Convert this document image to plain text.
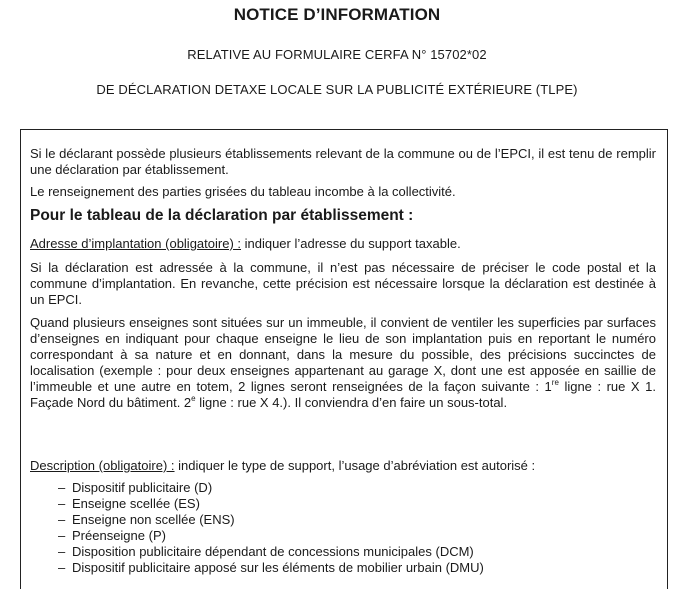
NOTICE D’INFORMATION
RELATIVE AU FORMULAIRE CERFA N° 15702*02
DE DÉCLARATION DETAXE LOCALE SUR LA PUBLICITÉ EXTÉRIEURE (TLPE)
Si le déclarant possède plusieurs établissements relevant de la commune ou de l’EPCI, il est tenu de remplir une déclaration par établissement.
Le renseignement des parties grisées du tableau incombe à la collectivité.
Pour le tableau de la déclaration par établissement :
Adresse d’implantation (obligatoire) : indiquer l’adresse du support taxable.
Si la déclaration est adressée à la commune, il n’est pas nécessaire de préciser le code postal et la commune d’implantation. En revanche, cette précision est nécessaire lorsque la déclaration est destinée à un EPCI.
Quand plusieurs enseignes sont situées sur un immeuble, il convient de ventiler les superficies par surfaces d’enseignes en indiquant pour chaque enseigne le lieu de son implantation puis en reportant le numéro correspondant à sa nature et en donnant, dans la mesure du possible, des précisions succinctes de localisation (exemple : pour deux enseignes appartenant au garage X, dont une est apposée en saillie de l’immeuble et une autre en totem, 2 lignes seront renseignées de la façon suivante : 1re ligne : rue X 1. Façade Nord du bâtiment. 2e ligne : rue X 4.). Il conviendra d’en faire un sous-total.
Description (obligatoire) : indiquer le type de support, l’usage d’abréviation est autorisé :
– Dispositif publicitaire (D)
– Enseigne scellée (ES)
– Enseigne non scellée (ENS)
– Préenseigne (P)
– Disposition publicitaire dépendant de concessions municipales (DCM)
– Dispositif publicitaire apposé sur les éléments de mobilier urbain (DMU)
